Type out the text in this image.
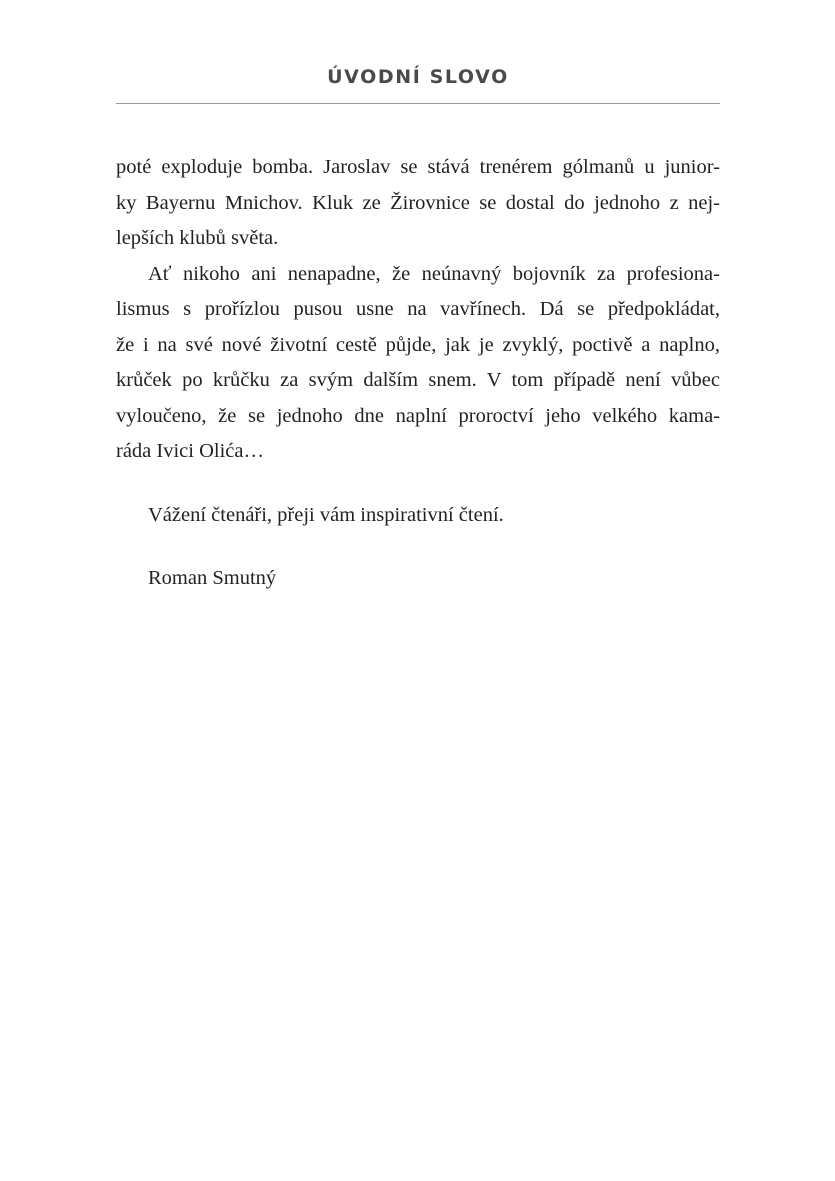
ÚVODNÍ SLOVO
poté exploduje bomba. Jaroslav se stává trenérem gólmanů u junior-
ky Bayernu Mnichov. Kluk ze Žirovnice se dostal do jednoho z nej-
lepších klubů světa.
Ať nikoho ani nenapadne, že neúnavný bojovník za profesiona-
lismus s prořízlou pusou usne na vavřínech. Dá se předpokládat,
že i na své nové životní cestě půjde, jak je zvyklý, poctivě a naplno,
krůček po krůčku za svým dalším snem. V tom případě není vůbec
vyloučeno, že se jednoho dne naplní proroctví jeho velkého kama-
ráda Ivici Olića…
Vážení čtenáři, přeji vám inspirativní čtení.
Roman Smutný
